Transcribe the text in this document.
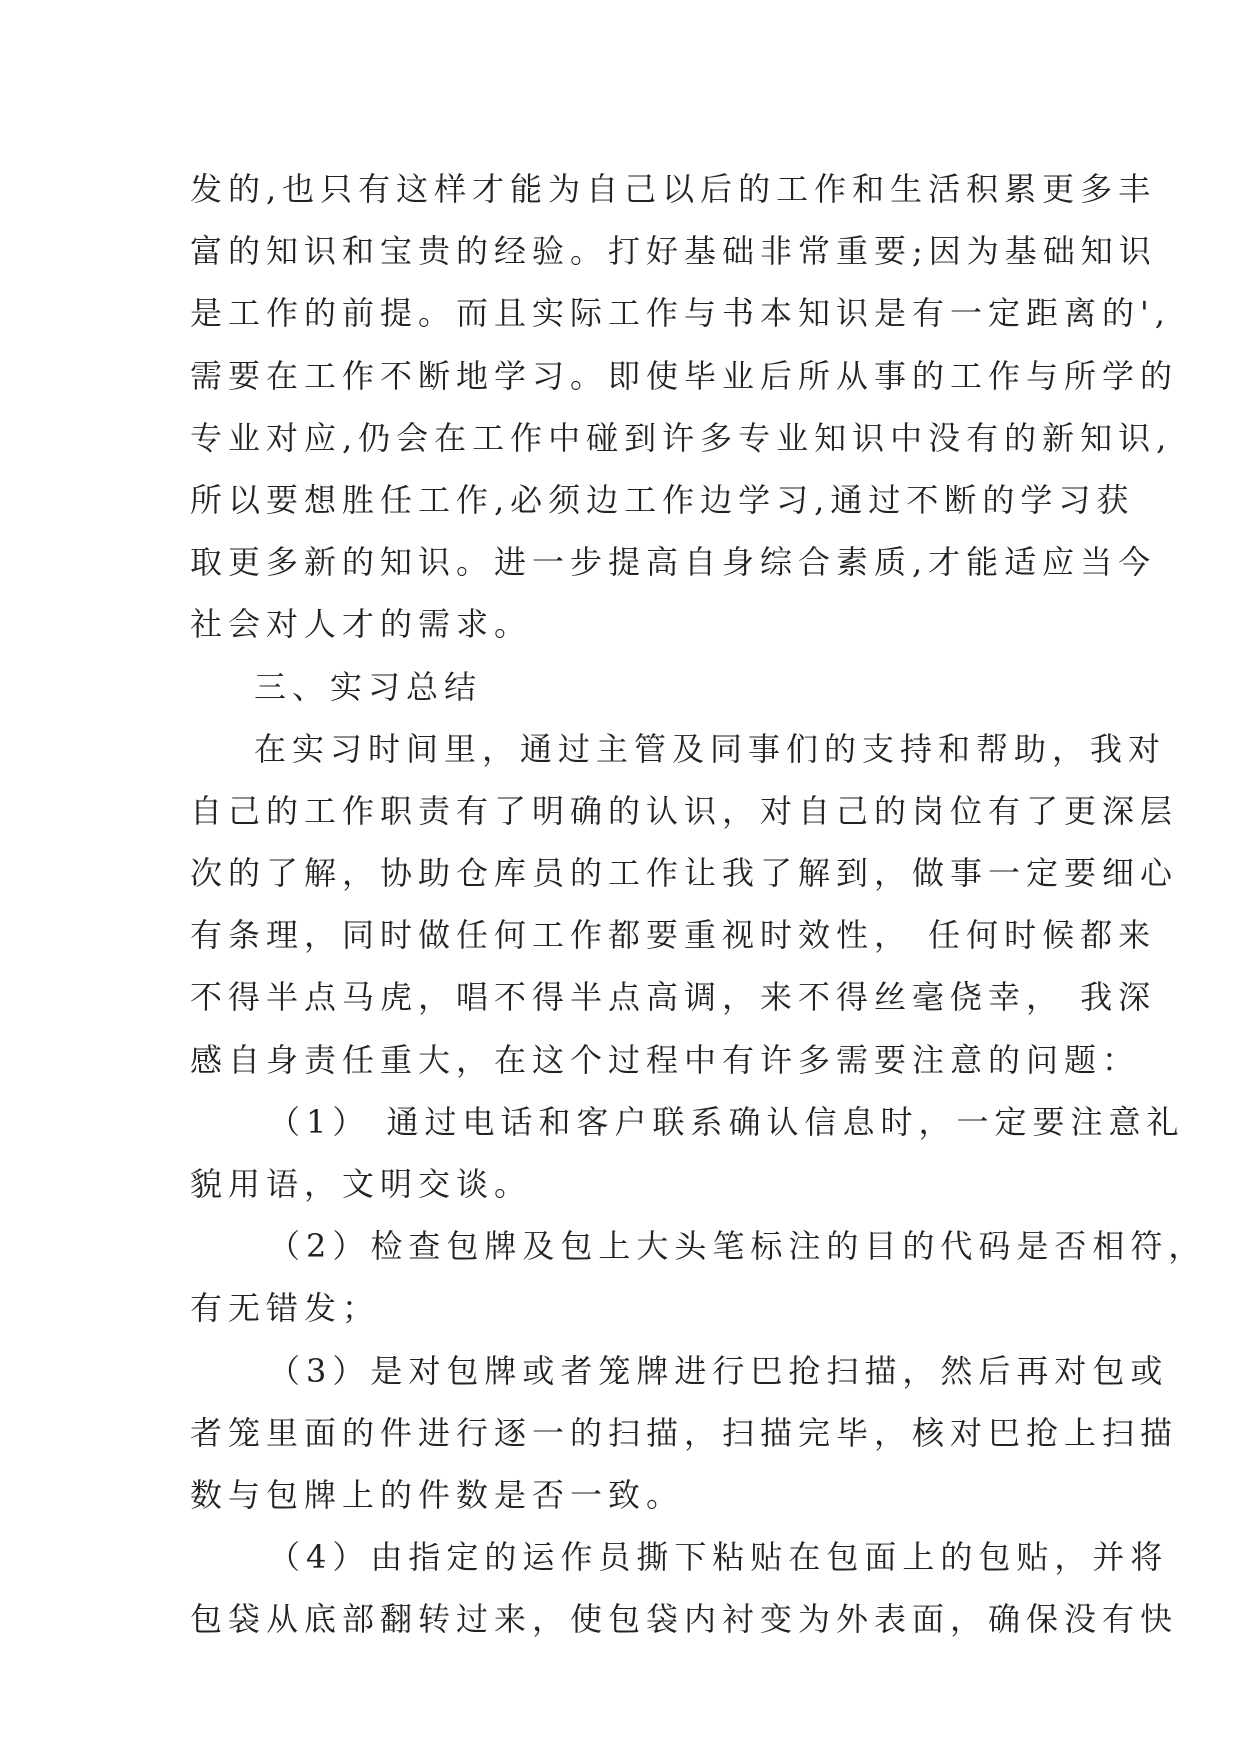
发的,也只有这样才能为自己以后的工作和生活积累更多丰
富的知识和宝贵的经验。打好基础非常重要;因为基础知识
是工作的前提。而且实际工作与书本知识是有一定距离的',
需要在工作不断地学习。即使毕业后所从事的工作与所学的
专业对应,仍会在工作中碰到许多专业知识中没有的新知识,
所以要想胜任工作,必须边工作边学习,通过不断的学习获
取更多新的知识。进一步提高自身综合素质,才能适应当今
社会对人才的需求。
三、实习总结
在实习时间里，通过主管及同事们的支持和帮助，我对
自己的工作职责有了明确的认识，对自己的岗位有了更深层
次的了解，协助仓库员的工作让我了解到，做事一定要细心
有条理，同时做任何工作都要重视时效性， 任何时候都来
不得半点马虎，唱不得半点高调，来不得丝毫侥幸， 我深
感自身责任重大，在这个过程中有许多需要注意的问题：
（1） 通过电话和客户联系确认信息时，一定要注意礼
貌用语，文明交谈。
（2）检查包牌及包上大头笔标注的目的代码是否相符，
有无错发；
（3）是对包牌或者笼牌进行巴抢扫描，然后再对包或
者笼里面的件进行逐一的扫描，扫描完毕，核对巴抢上扫描
数与包牌上的件数是否一致。
（4）由指定的运作员撕下粘贴在包面上的包贴，并将
包袋从底部翻转过来，使包袋内衬变为外表面，确保没有快
